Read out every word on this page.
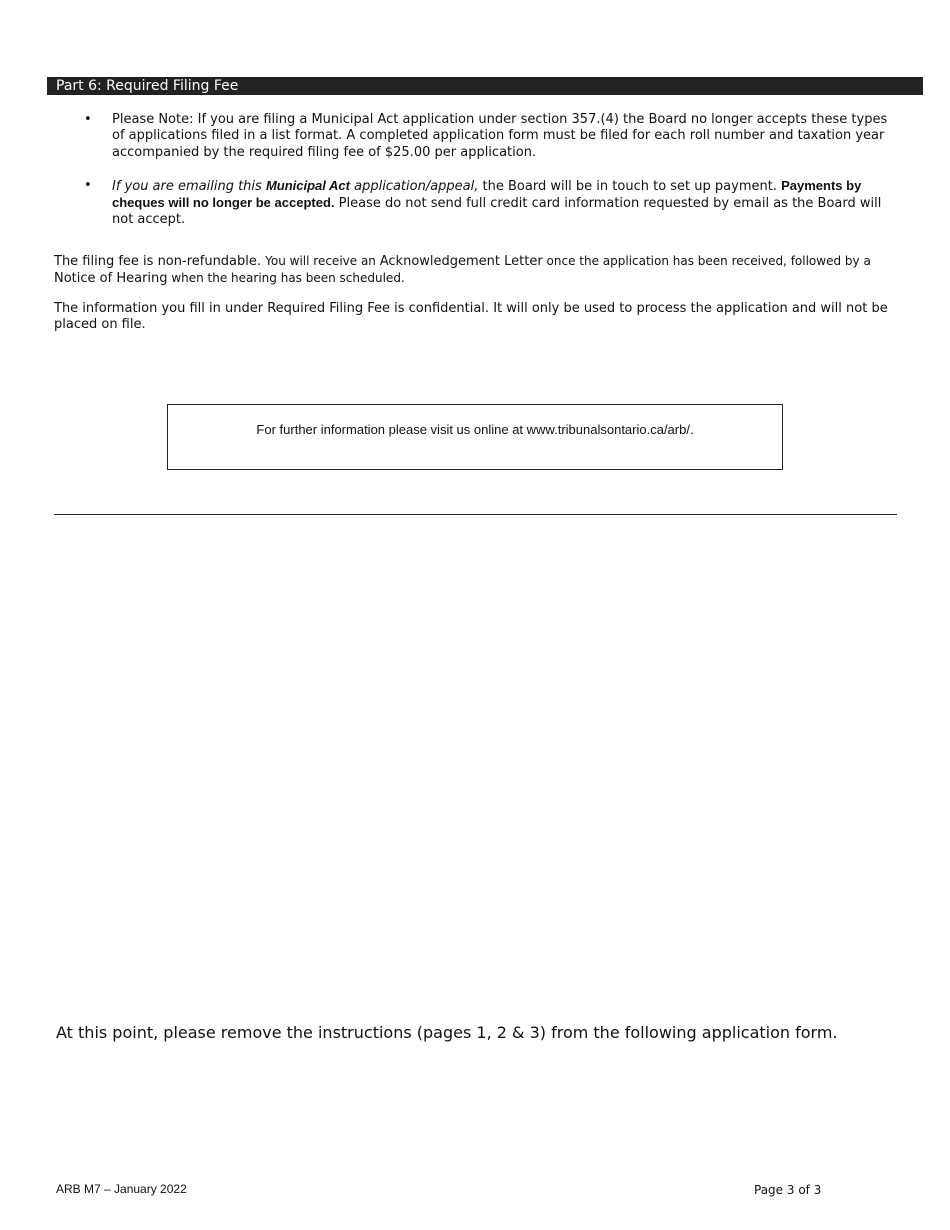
Part 6: Required Filing Fee
• Please Note: If you are filing a Municipal Act application under section 357.(4) the Board no longer accepts these types of applications filed in a list format. A completed application form must be filed for each roll number and taxation year accompanied by the required filing fee of $25.00 per application.
• If you are emailing this Municipal Act application/appeal, the Board will be in touch to set up payment. Payments by cheques will no longer be accepted. Please do not send full credit card information requested by email as the Board will not accept.

The filing fee is non-refundable. You will receive an Acknowledgement Letter once the application has been received, followed by a Notice of Hearing when the hearing has been scheduled.

The information you fill in under Required Filing Fee is confidential. It will only be used to process the application and will not be placed on file.

For further information please visit us online at www.tribunalsontario.ca/arb/.

At this point, please remove the instructions (pages 1, 2 & 3) from the following application form.

ARB M7 – January 2022	Page 3 of 3
